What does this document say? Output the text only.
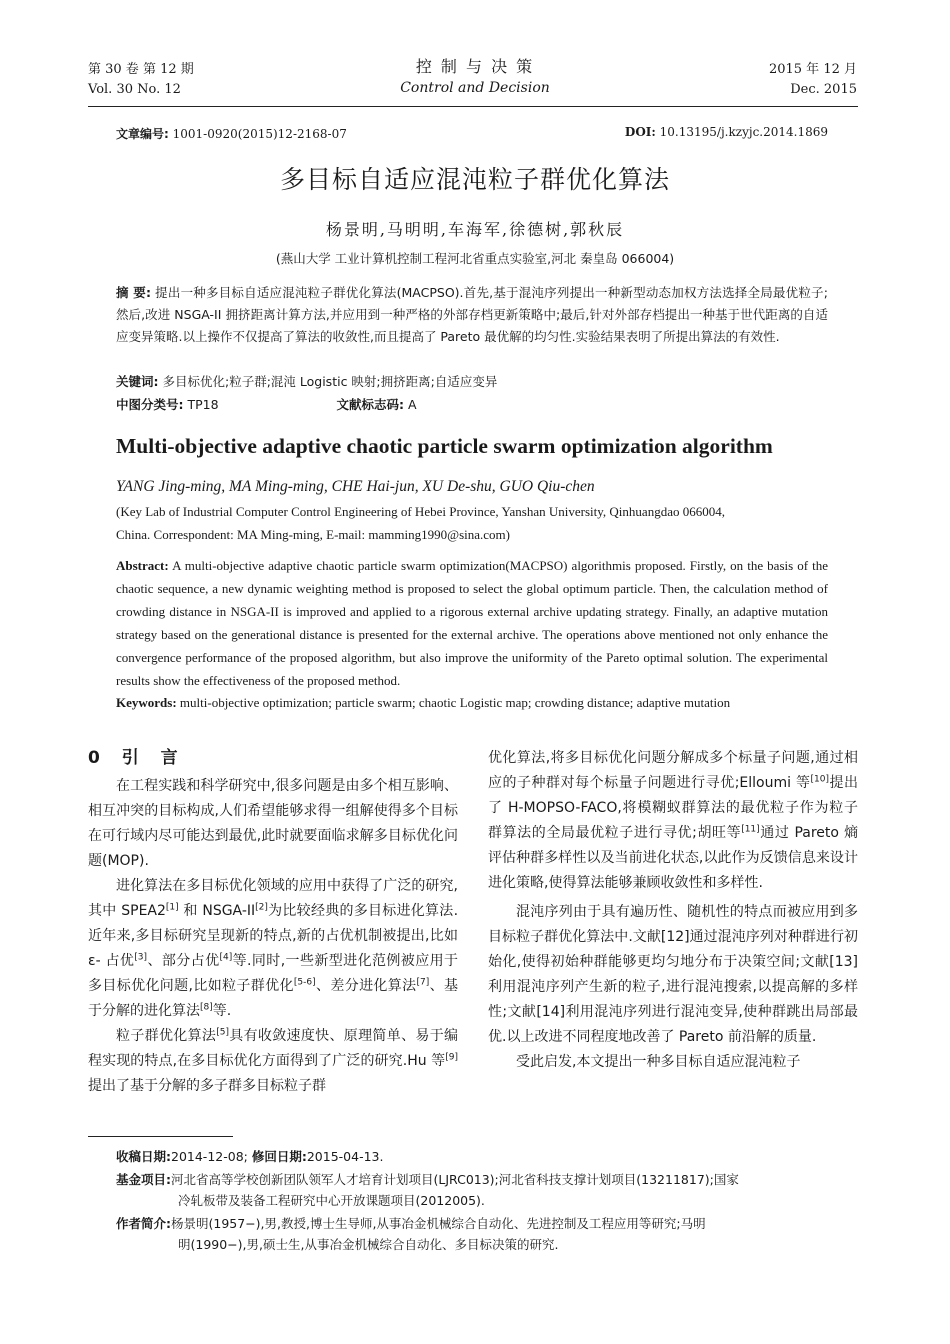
第 30 卷 第 12 期
Vol. 30 No. 12
控 制 与 决 策
Control and Decision
2015 年 12 月
Dec. 2015
文章编号: 1001-0920(2015)12-2168-07	DOI: 10.13195/j.kzyjc.2014.1869
多目标自适应混沌粒子群优化算法
杨景明,马明明,车海军,徐德树,郭秋辰
(燕山大学 工业计算机控制工程河北省重点实验室,河北 秦皇岛 066004)
摘 要: 提出一种多目标自适应混沌粒子群优化算法(MACPSO).首先,基于混沌序列提出一种新型动态加权方法选择全局最优粒子;然后,改进 NSGA-II 拥挤距离计算方法,并应用到一种严格的外部存档更新策略中;最后,针对外部存档提出一种基于世代距离的自适应变异策略.以上操作不仅提高了算法的收敛性,而且提高了 Pareto 最优解的均匀性.实验结果表明了所提出算法的有效性.
关键词: 多目标优化;粒子群;混沌 Logistic 映射;拥挤距离;自适应变异
中图分类号: TP18	文献标志码: A
Multi-objective adaptive chaotic particle swarm optimization algorithm
YANG Jing-ming, MA Ming-ming, CHE Hai-jun, XU De-shu, GUO Qiu-chen
(Key Lab of Industrial Computer Control Engineering of Hebei Province, Yanshan University, Qinhuangdao 066004,
China. Correspondent: MA Ming-ming, E-mail: mamming1990@sina.com)
Abstract: A multi-objective adaptive chaotic particle swarm optimization(MACPSO) algorithmis proposed. Firstly, on the basis of the chaotic sequence, a new dynamic weighting method is proposed to select the global optimum particle. Then, the calculation method of crowding distance in NSGA-II is improved and applied to a rigorous external archive updating strategy. Finally, an adaptive mutation strategy based on the generational distance is presented for the external archive. The operations above mentioned not only enhance the convergence performance of the proposed algorithm, but also improve the uniformity of the Pareto optimal solution. The experimental results show the effectiveness of the proposed method.
Keywords: multi-objective optimization; particle swarm; chaotic Logistic map; crowding distance; adaptive mutation
0 引 言

在工程实践和科学研究中,很多问题是由多个相互影响、相互冲突的目标构成,人们希望能够求得一组解使得多个目标在可行域内尽可能达到最优,此时就要面临求解多目标优化问题(MOP).

进化算法在多目标优化领域的应用中获得了广泛的研究,其中 SPEA2[1] 和 NSGA-II[2]为比较经典的多目标进化算法.近年来,多目标研究呈现新的特点,新的占优机制被提出,比如 ε- 占优[3]、部分占优[4]等.同时,一些新型进化范例被应用于多目标优化问题,比如粒子群优化[5-6]、差分进化算法[7]、基于分解的进化算法[8]等.

粒子群优化算法[5]具有收敛速度快、原理简单、易于编程实现的特点,在多目标优化方面得到了广泛的研究.Hu 等[9]提出了基于分解的多子群多目标粒子群

优化算法,将多目标优化问题分解成多个标量子问题,通过相应的子种群对每个标量子问题进行寻优;Elloumi 等[10]提出了 H-MOPSO-FACO,将模糊蚁群算法的最优粒子作为粒子群算法的全局最优粒子进行寻优;胡旺等[11]通过 Pareto 熵评估种群多样性以及当前进化状态,以此作为反馈信息来设计进化策略,使得算法能够兼顾收敛性和多样性.

混沌序列由于具有遍历性、随机性的特点而被应用到多目标粒子群优化算法中.文献[12]通过混沌序列对种群进行初始化,使得初始种群能够更均匀地分布于决策空间;文献[13]利用混沌序列产生新的粒子,进行混沌搜索,以提高解的多样性;文献[14]利用混沌序列进行混沌变异,使种群跳出局部最优.以上改进不同程度地改善了 Pareto 前沿解的质量.

受此启发,本文提出一种多目标自适应混沌粒子

收稿日期:2014-12-08; 修回日期:2015-04-13.
基金项目:河北省高等学校创新团队领军人才培育计划项目(LJRC013);河北省科技支撑计划项目(13211817);国家
冷轧板带及装备工程研究中心开放课题项目(2012005).
作者简介:杨景明(1957−),男,教授,博士生导师,从事冶金机械综合自动化、先进控制及工程应用等研究;马明
明(1990−),男,硕士生,从事冶金机械综合自动化、多目标决策的研究.
